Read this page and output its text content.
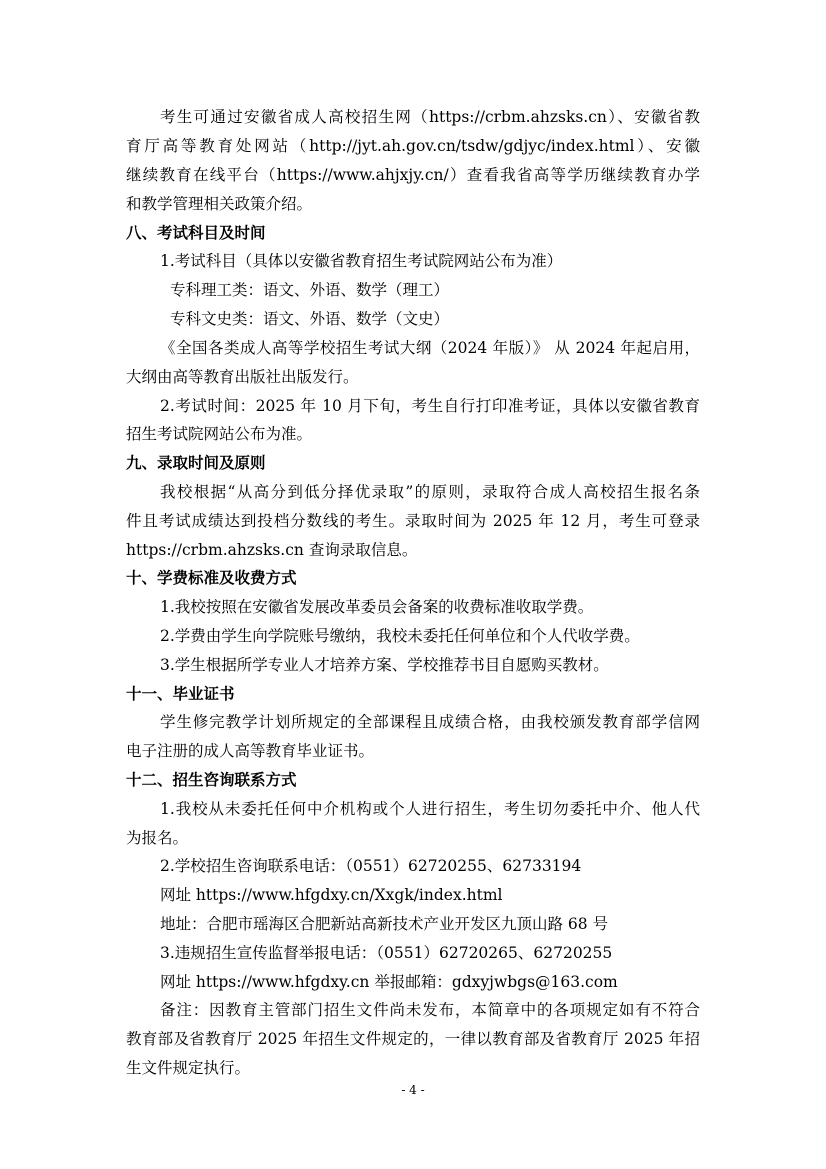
考生可通过安徽省成人高校招生网（https://crbm.ahzsks.cn）、安徽省教
育厅高等教育处网站（http://jyt.ah.gov.cn/tsdw/gdjyc/index.html）、安徽
继续教育在线平台（https://www.ahjxjy.cn/）查看我省高等学历继续教育办学
和教学管理相关政策介绍。
八、考试科目及时间
1.考试科目（具体以安徽省教育招生考试院网站公布为准）
专科理工类：语文、外语、数学（理工）
专科文史类：语文、外语、数学（文史）
《全国各类成人高等学校招生考试大纲（2024 年版）》 从 2024 年起启用，
大纲由高等教育出版社出版发行。
2.考试时间：2025 年 10 月下旬，考生自行打印准考证，具体以安徽省教育
招生考试院网站公布为准。
九、录取时间及原则
我校根据“从高分到低分择优录取”的原则，录取符合成人高校招生报名条
件且考试成绩达到投档分数线的考生。录取时间为 2025 年 12 月，考生可登录
https://crbm.ahzsks.cn 查询录取信息。
十、学费标准及收费方式
1.我校按照在安徽省发展改革委员会备案的收费标准收取学费。
2.学费由学生向学院账号缴纳，我校未委托任何单位和个人代收学费。
3.学生根据所学专业人才培养方案、学校推荐书目自愿购买教材。
十一、毕业证书
学生修完教学计划所规定的全部课程且成绩合格，由我校颁发教育部学信网
电子注册的成人高等教育毕业证书。
十二、招生咨询联系方式
1.我校从未委托任何中介机构或个人进行招生，考生切勿委托中介、他人代
为报名。
2.学校招生咨询联系电话：（0551）62720255、62733194
网址 https://www.hfgdxy.cn/Xxgk/index.html
地址：合肥市瑶海区合肥新站高新技术产业开发区九顶山路 68 号
3.违规招生宣传监督举报电话：（0551）62720265、62720255
网址 https://www.hfgdxy.cn 举报邮箱：gdxyjwbgs@163.com
备注：因教育主管部门招生文件尚未发布，本简章中的各项规定如有不符合
教育部及省教育厅 2025 年招生文件规定的，一律以教育部及省教育厅 2025 年招
生文件规定执行。
- 4 -
